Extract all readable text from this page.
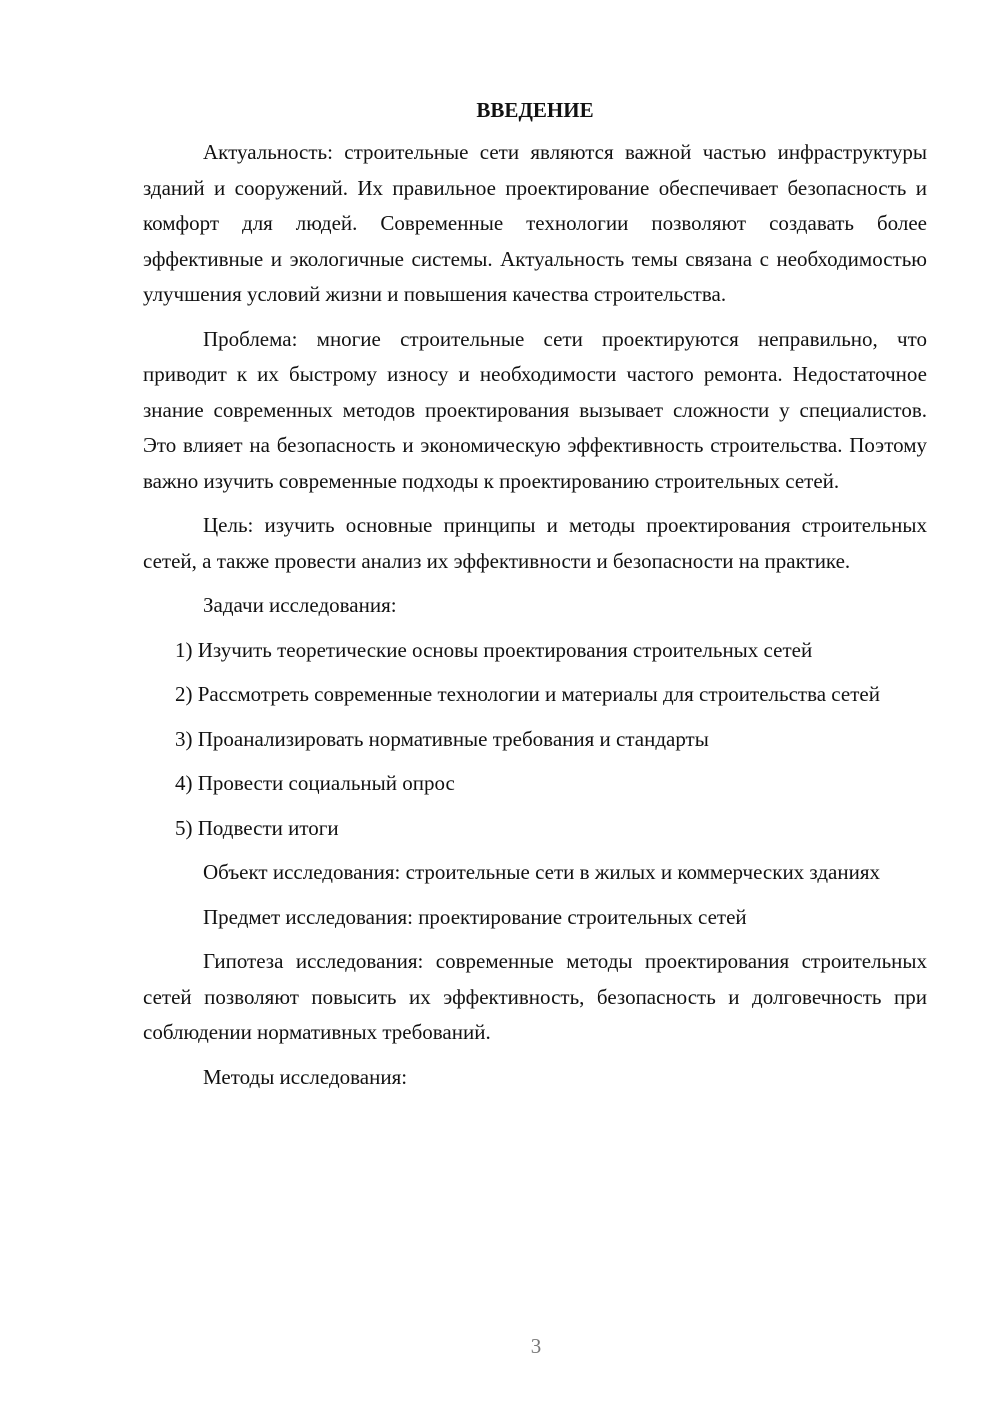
ВВЕДЕНИЕ

Актуальность: строительные сети являются важной частью инфраструктуры зданий и сооружений. Их правильное проектирование обеспечивает безопасность и комфорт для людей. Современные технологии позволяют создавать более эффективные и экологичные системы. Актуальность темы связана с необходимостью улучшения условий жизни и повышения качества строительства.

Проблема: многие строительные сети проектируются неправильно, что приводит к их быстрому износу и необходимости частого ремонта. Недостаточное знание современных методов проектирования вызывает сложности у специалистов. Это влияет на безопасность и экономическую эффективность строительства. Поэтому важно изучить современные подходы к проектированию строительных сетей.

Цель: изучить основные принципы и методы проектирования строительных сетей, а также провести анализ их эффективности и безопасности на практике.

Задачи исследования:

1) Изучить теоретические основы проектирования строительных сетей

2) Рассмотреть современные технологии и материалы для строительства сетей

3) Проанализировать нормативные требования и стандарты

4) Провести социальный опрос

5) Подвести итоги

Объект исследования: строительные сети в жилых и коммерческих зданиях

Предмет исследования: проектирование строительных сетей

Гипотеза исследования: современные методы проектирования строительных сетей позволяют повысить их эффективность, безопасность и долговечность при соблюдении нормативных требований.

Методы исследования:

3
